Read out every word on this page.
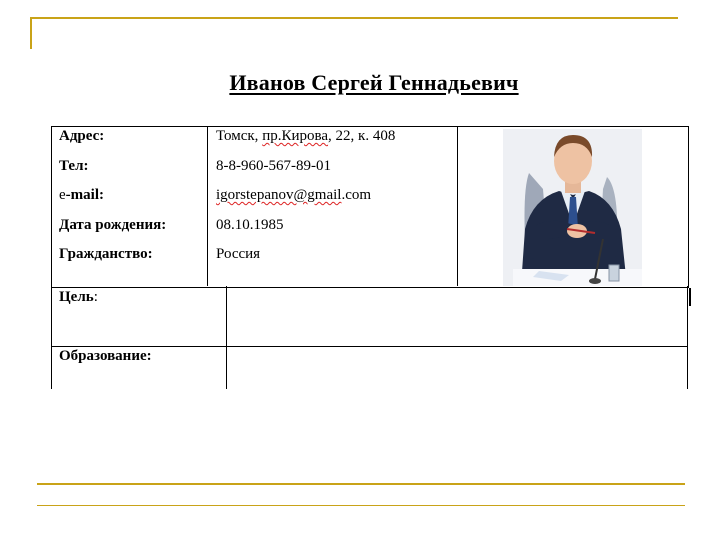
Иванов Сергей Геннадьевич
Адрес:
Тел:
e-mail:
Дата рождения:
Гражданство:
Томск, пр.Кирова, 22, к. 408
8-8-960-567-89-01
igorstepanov@gmail.com
08.10.1985
Россия
Цель:
Образование:
